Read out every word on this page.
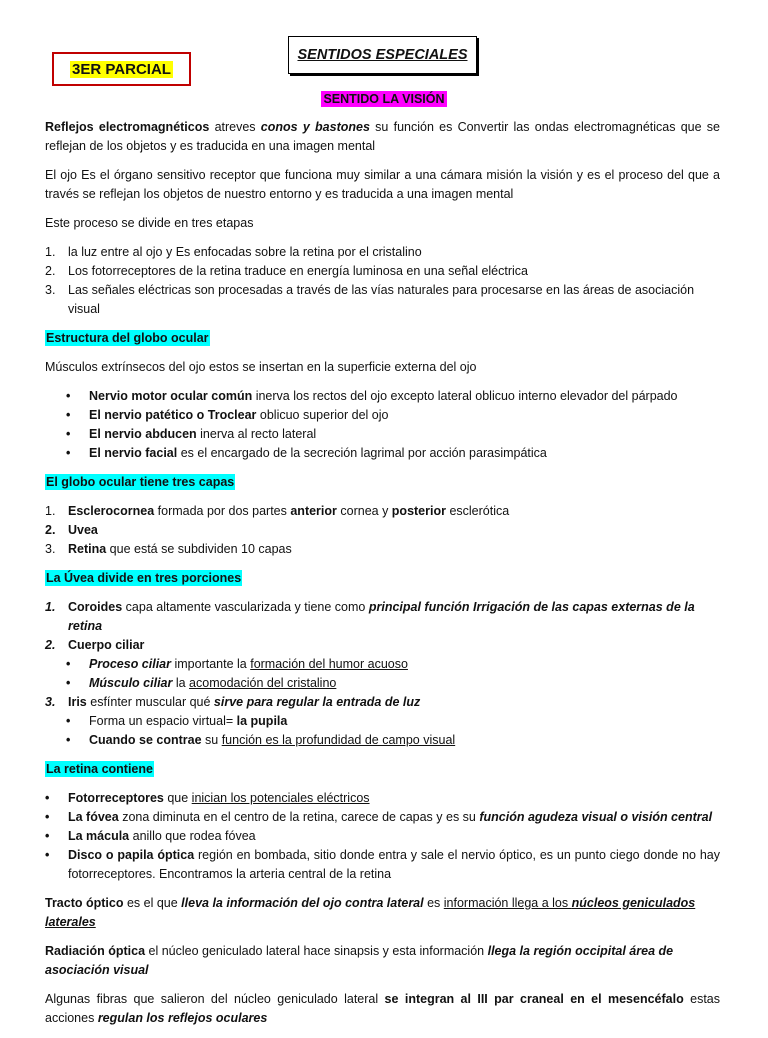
3ER PARCIAL
SENTIDOS ESPECIALES
SENTIDO LA VISIÓN

Reflejos electromagnéticos atreves conos y bastones su función es Convertir las ondas electromagnéticas que se reflejan de los objetos y es traducida en una imagen mental

El ojo Es el órgano sensitivo receptor que funciona muy similar a una cámara misión la visión y es el proceso del que a través se reflejan los objetos de nuestro entorno y es traducida a una imagen mental

Este proceso se divide en tres etapas

1. la luz entre al ojo y Es enfocadas sobre la retina por el cristalino
2. Los fotorreceptores de la retina traduce en energía luminosa en una señal eléctrica
3. Las señales eléctricas son procesadas a través de las vías naturales para procesarse en las áreas de asociación visual

Estructura del globo ocular

Músculos extrínsecos del ojo estos se insertan en la superficie externa del ojo

• Nervio motor ocular común inerva los rectos del ojo excepto lateral oblicuo interno elevador del párpado
• El nervio patético o Troclear oblicuo superior del ojo
• El nervio abducen inerva al recto lateral
• El nervio facial es el encargado de la secreción lagrimal por acción parasimpática

El globo ocular tiene tres capas

1. Esclerocornea formada por dos partes anterior cornea y posterior esclerótica
2. Uvea
3. Retina que está se subdividen 10 capas

La Úvea divide en tres porciones

1. Coroides capa altamente vascularizada y tiene como principal función Irrigación de las capas externas de la retina
2. Cuerpo ciliar
• Proceso ciliar importante la formación del humor acuoso
• Músculo ciliar la acomodación del cristalino
3. Iris esfínter muscular qué sirve para regular la entrada de luz
• Forma un espacio virtual= la pupila
• Cuando se contrae su función es la profundidad de campo visual

La retina contiene

• Fotorreceptores que inician los potenciales eléctricos
• La fóvea zona diminuta en el centro de la retina, carece de capas y es su función agudeza visual o visión central
• La mácula anillo que rodea fóvea
• Disco o papila óptica región en bombada, sitio donde entra y sale el nervio óptico, es un punto ciego donde no hay fotorreceptores. Encontramos la arteria central de la retina

Tracto óptico es el que lleva la información del ojo contra lateral es información llega a los núcleos geniculados laterales

Radiación óptica el núcleo geniculado lateral hace sinapsis y esta información llega la región occipital área de asociación visual

Algunas fibras que salieron del núcleo geniculado lateral se integran al III par craneal en el mesencéfalo estas acciones regulan los reflejos oculares
